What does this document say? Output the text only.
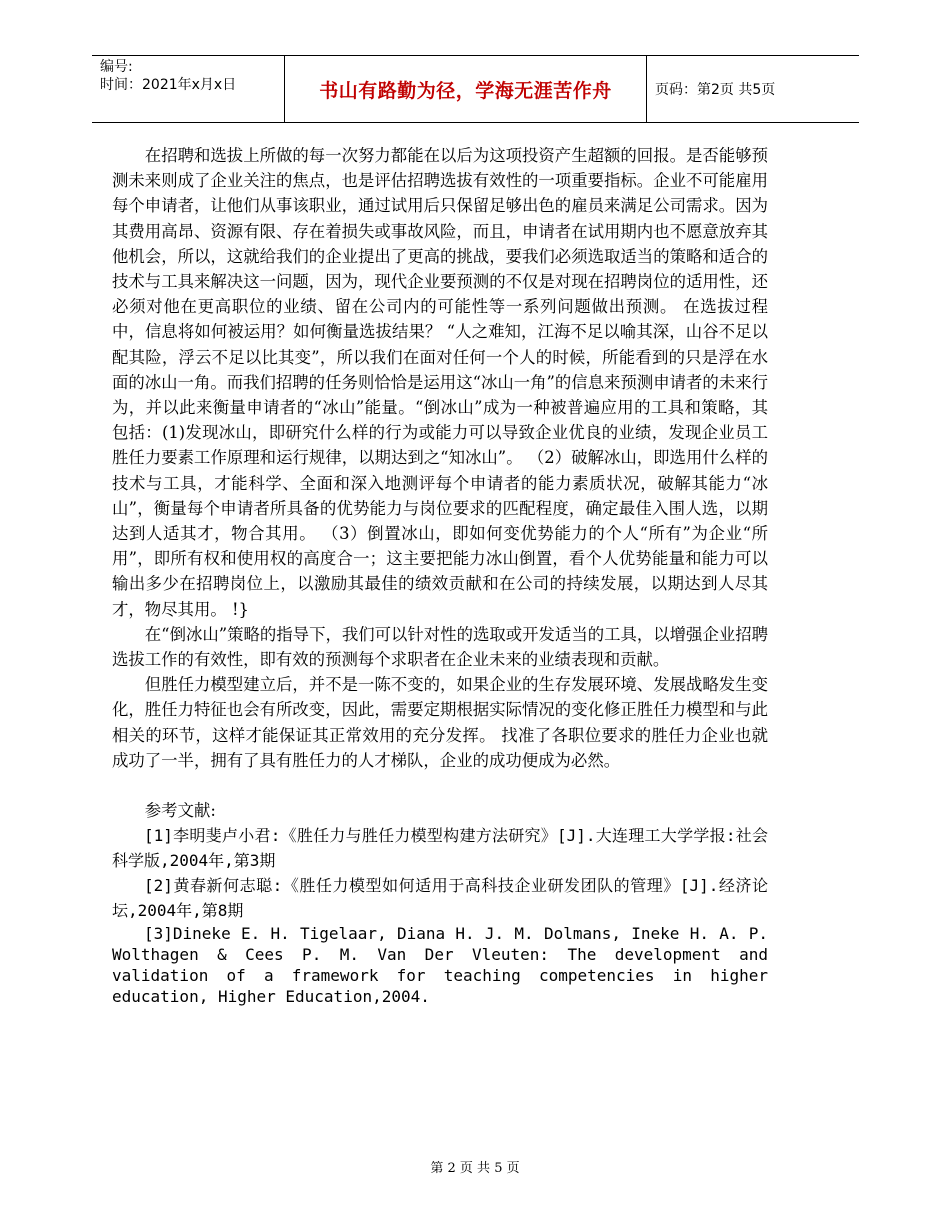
编号:
时间：2021年x月x日	书山有路勤为径，学海无涯苦作舟	页码：第2页 共5页

在招聘和选拔上所做的每一次努力都能在以后为这项投资产生超额的回报。是否能够预测未来则成了企业关注的焦点，也是评估招聘选拔有效性的一项重要指标。企业不可能雇用每个申请者，让他们从事该职业，通过试用后只保留足够出色的雇员来满足公司需求。因为其费用高昂、资源有限、存在着损失或事故风险，而且，申请者在试用期内也不愿意放弃其他机会，所以，这就给我们的企业提出了更高的挑战，要我们必须选取适当的策略和适合的技术与工具来解决这一问题，因为，现代企业要预测的不仅是对现在招聘岗位的适用性，还必须对他在更高职位的业绩、留在公司内的可能性等一系列问题做出预测。 在选拔过程中，信息将如何被运用？如何衡量选拔结果？ “人之难知，江海不足以喻其深，山谷不足以配其险，浮云不足以比其变”，所以我们在面对任何一个人的时候，所能看到的只是浮在水面的冰山一角。而我们招聘的任务则恰恰是运用这“冰山一角”的信息来预测申请者的未来行为，并以此来衡量申请者的“冰山”能量。“倒冰山”成为一种被普遍应用的工具和策略，其包括：(1)发现冰山，即研究什么样的行为或能力可以导致企业优良的业绩，发现企业员工胜任力要素工作原理和运行规律，以期达到之“知冰山”。 （2）破解冰山，即选用什么样的技术与工具，才能科学、全面和深入地测评每个申请者的能力素质状况，破解其能力“冰山”，衡量每个申请者所具备的优势能力与岗位要求的匹配程度，确定最佳入围人选，以期达到人适其才，物合其用。 （3）倒置冰山，即如何变优势能力的个人“所有”为企业“所用”，即所有权和使用权的高度合一；这主要把能力冰山倒置，看个人优势能量和能力可以输出多少在招聘岗位上，以激励其最佳的绩效贡献和在公司的持续发展，以期达到人尽其才，物尽其用。 !}

在“倒冰山”策略的指导下，我们可以针对性的选取或开发适当的工具，以增强企业招聘选拔工作的有效性，即有效的预测每个求职者在企业未来的业绩表现和贡献。

但胜任力模型建立后，并不是一陈不变的，如果企业的生存发展环境、发展战略发生变化，胜任力特征也会有所改变，因此，需要定期根据实际情况的变化修正胜任力模型和与此相关的环节，这样才能保证其正常效用的充分发挥。 找准了各职位要求的胜任力企业也就成功了一半，拥有了具有胜任力的人才梯队，企业的成功便成为必然。

参考文献:

[1]李明斐卢小君:《胜任力与胜任力模型构建方法研究》[J].大连理工大学学报:社会科学版,2004年,第3期

[2]黄春新何志聪:《胜任力模型如何适用于高科技企业研发团队的管理》[J].经济论坛,2004年,第8期

[3]Dineke E. H. Tigelaar, Diana H. J. M. Dolmans, Ineke H. A. P. Wolthagen & Cees P. M. Van Der Vleuten: The development and validation of a framework for teaching competencies in higher education, Higher Education,2004.

第 2 页 共 5 页
